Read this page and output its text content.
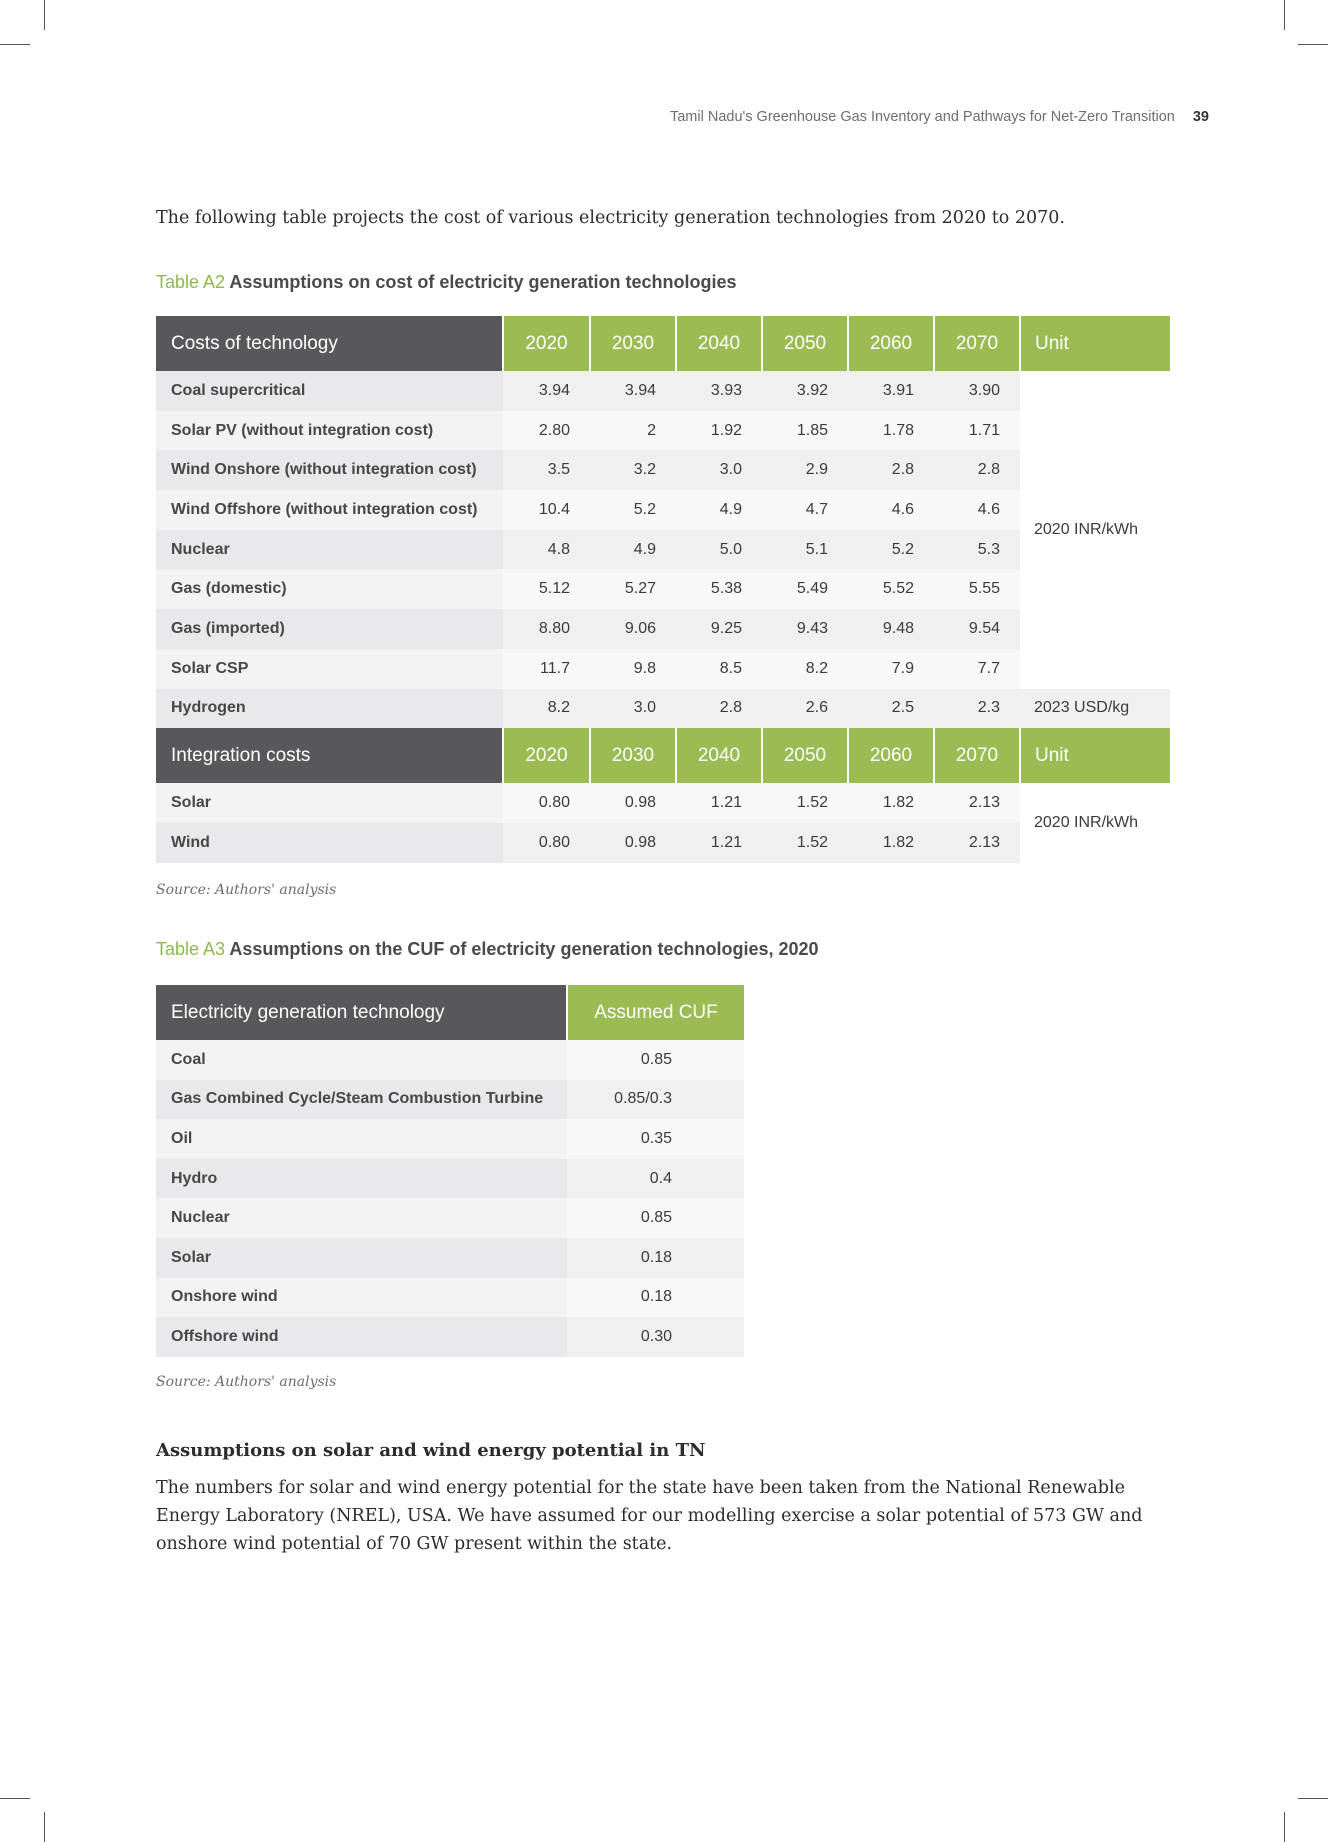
Tamil Nadu's Greenhouse Gas Inventory and Pathways for Net-Zero Transition 39
The following table projects the cost of various electricity generation technologies from 2020 to 2070.
Table A2 Assumptions on cost of electricity generation technologies
Costs of technology	2020	2030	2040	2050	2060	2070	Unit
Coal supercritical	3.94	3.94	3.93	3.92	3.91	3.90	2020 INR/kWh
Solar PV (without integration cost)	2.80	2	1.92	1.85	1.78	1.71	
Wind Onshore (without integration cost)	3.5	3.2	3.0	2.9	2.8	2.8	
Wind Offshore (without integration cost)	10.4	5.2	4.9	4.7	4.6	4.6	
Nuclear	4.8	4.9	5.0	5.1	5.2	5.3	
Gas (domestic)	5.12	5.27	5.38	5.49	5.52	5.55	
Gas (imported)	8.80	9.06	9.25	9.43	9.48	9.54	
Solar CSP	11.7	9.8	8.5	8.2	7.9	7.7	
Hydrogen	8.2	3.0	2.8	2.6	2.5	2.3	2023 USD/kg
Integration costs	2020	2030	2040	2050	2060	2070	Unit
Solar	0.80	0.98	1.21	1.52	1.82	2.13	2020 INR/kWh
Wind	0.80	0.98	1.21	1.52	1.82	2.13	
Source: Authors' analysis
Table A3 Assumptions on the CUF of electricity generation technologies, 2020
Electricity generation technology	Assumed CUF
Coal	0.85
Gas Combined Cycle/Steam Combustion Turbine	0.85/0.3
Oil	0.35
Hydro	0.4
Nuclear	0.85
Solar	0.18
Onshore wind	0.18
Offshore wind	0.30
Source: Authors' analysis
Assumptions on solar and wind energy potential in TN
The numbers for solar and wind energy potential for the state have been taken from the National Renewable Energy Laboratory (NREL), USA. We have assumed for our modelling exercise a solar potential of 573 GW and onshore wind potential of 70 GW present within the state.
